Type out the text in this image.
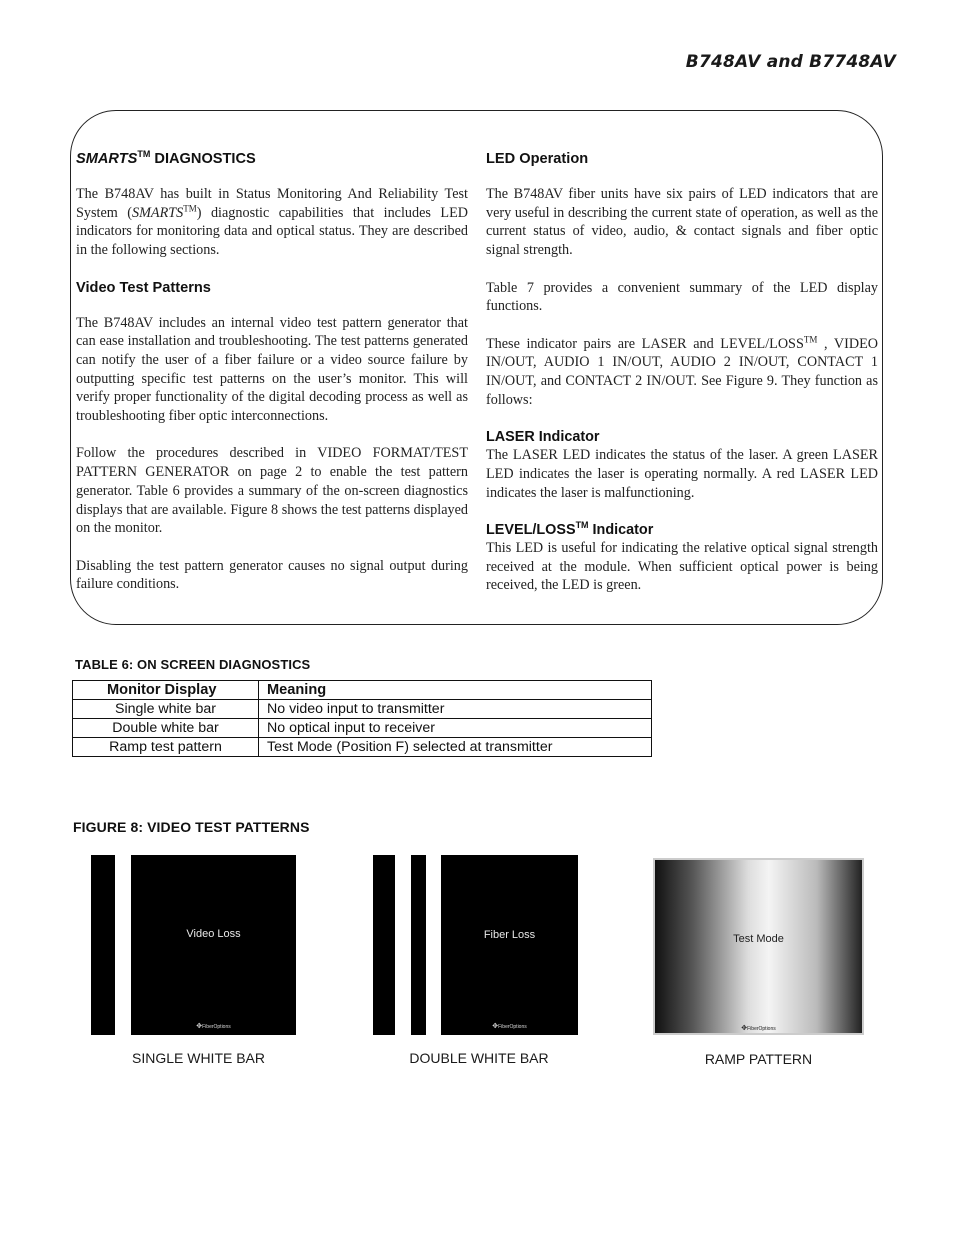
B748AV and B7748AV
SMARTS™ DIAGNOSTICS

The B748AV has built in Status Monitoring And Reliability Test System (SMARTS™) diagnostic capabilities that includes LED indicators for monitoring data and optical status. They are described in the following sections.

Video Test Patterns

The B748AV includes an internal video test pattern generator that can ease installation and troubleshooting. The test patterns generated can notify the user of a fiber failure or a video source failure by outputting specific test patterns on the user’s monitor. This will verify proper functionality of the digital decoding process as well as troubleshooting fiber optic interconnections.

Follow the procedures described in VIDEO FORMAT/TEST PATTERN GENERATOR on page 2 to enable the test pattern generator. Table 6 provides a summary of the on-screen diagnostics displays that are available. Figure 8 shows the test patterns displayed on the monitor.

Disabling the test pattern generator causes no signal output during failure conditions.

LED Operation

The B748AV fiber units have six pairs of LED indicators that are very useful in describing the current state of operation, as well as the current status of video, audio, & contact signals and fiber optic signal strength.

Table 7 provides a convenient summary of the LED display functions.

These indicator pairs are LASER and LEVEL/LOSS™ , VIDEO IN/OUT, AUDIO 1 IN/OUT, AUDIO 2 IN/OUT, CONTACT 1 IN/OUT, and CONTACT 2 IN/OUT. See Figure 9. They function as follows:

LASER Indicator

The LASER LED indicates the status of the laser. A green LASER LED indicates the laser is operating normally. A red LASER LED indicates the laser is malfunctioning.

LEVEL/LOSS™ Indicator

This LED is useful for indicating the relative optical signal strength received at the module. When sufficient optical power is being received, the LED is green.

TABLE 6: ON SCREEN DIAGNOSTICS
Monitor Display	Meaning
Single white bar	No video input to transmitter
Double white bar	No optical input to receiver
Ramp test pattern	Test Mode (Position F) selected at transmitter
FIGURE 8: VIDEO TEST PATTERNS
Video Loss
✥FiberOptions
SINGLE WHITE BAR
Fiber Loss
✥FiberOptions
DOUBLE WHITE BAR
Test Mode
✥FiberOptions
RAMP PATTERN
